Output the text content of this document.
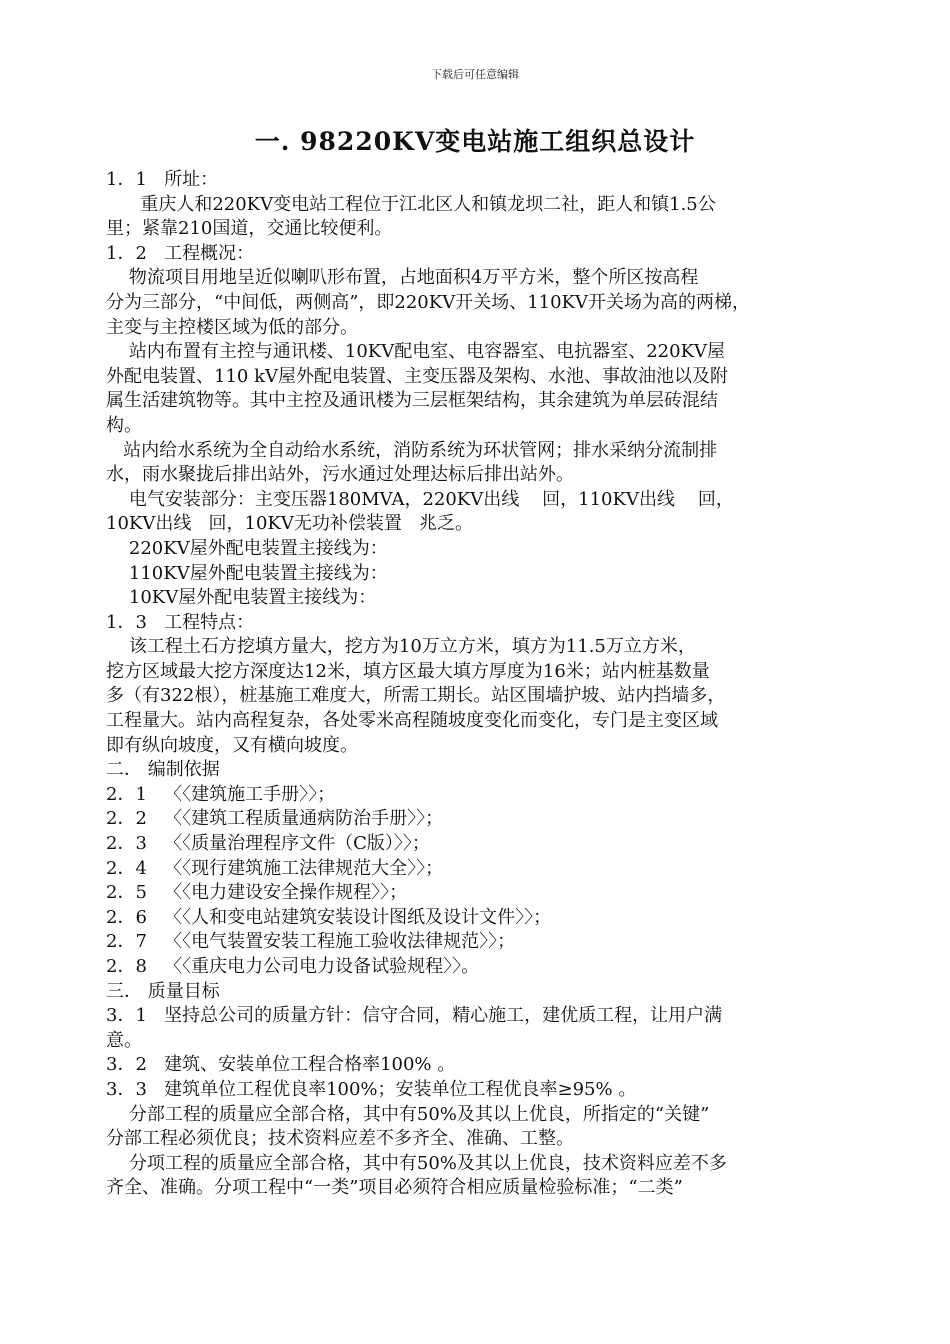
下载后可任意编辑
一. 98220KV变电站施工组织总设计
1．1   所址：
重庆人和220KV变电站工程位于江北区人和镇龙坝二社，距人和镇1.5公
里；紧靠210国道，交通比较便利。
1．2   工程概况：
物流项目用地呈近似喇叭形布置，占地面积4万平方米，整个所区按高程
分为三部分，“中间低，两侧高”，即220KV开关场、110KV开关场为高的两梯，
主变与主控楼区域为低的部分。
站内布置有主控与通讯楼、10KV配电室、电容器室、电抗器室、220KV屋
外配电装置、110 kV屋外配电装置、主变压器及架构、水池、事故油池以及附
属生活建筑物等。其中主控及通讯楼为三层框架结构，其余建筑为单层砖混结
构。
站内给水系统为全自动给水系统，消防系统为环状管网；排水采纳分流制排
水，雨水聚拢后排出站外，污水通过处理达标后排出站外。
电气安装部分：主变压器180MVA，220KV出线    回，110KV出线    回，
10KV出线   回，10KV无功补偿装置   兆乏。
220KV屋外配电装置主接线为：
110KV屋外配电装置主接线为：
10KV屋外配电装置主接线为：
1．3   工程特点：
该工程土石方挖填方量大，挖方为10万立方米，填方为11.5万立方米，
挖方区域最大挖方深度达12米，填方区最大填方厚度为16米；站内桩基数量
多（有322根），桩基施工难度大，所需工期长。站区围墙护坡、站内挡墙多，
工程量大。站内高程复杂，各处零米高程随坡度变化而变化，专门是主变区域
即有纵向坡度，又有横向坡度。
二． 编制依据
2．1   〈〈建筑施工手册〉〉；
2．2   〈〈建筑工程质量通病防治手册〉〉；
2．3   〈〈质量治理程序文件（C版）〉〉；
2．4   〈〈现行建筑施工法律规范大全〉〉；
2．5   〈〈电力建设安全操作规程〉〉；
2．6   〈〈人和变电站建筑安装设计图纸及设计文件〉〉；
2．7   〈〈电气装置安装工程施工验收法律规范〉〉；
2．8   〈〈重庆电力公司电力设备试验规程〉〉。
三． 质量目标
3．1   坚持总公司的质量方针：信守合同，精心施工，建优质工程，让用户满
意。
3．2   建筑、安装单位工程合格率100% 。
3．3   建筑单位工程优良率100%；安装单位工程优良率≥95% 。
分部工程的质量应全部合格，其中有50%及其以上优良，所指定的“关键”
分部工程必须优良；技术资料应差不多齐全、准确、工整。
分项工程的质量应全部合格，其中有50%及其以上优良，技术资料应差不多
齐全、准确。分项工程中“一类”项目必须符合相应质量检验标准；“二类”
